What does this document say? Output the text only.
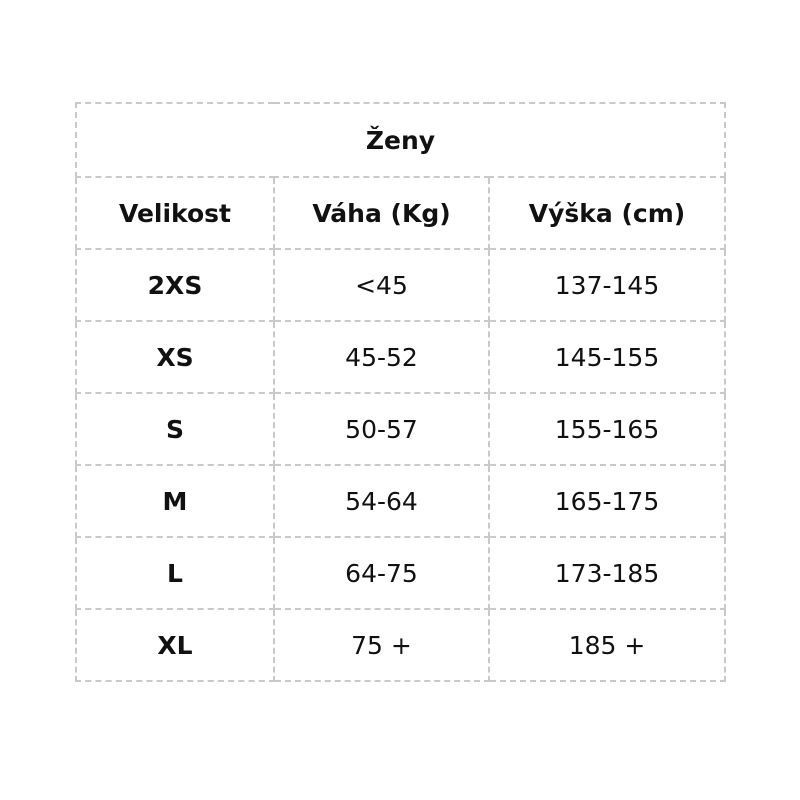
Ženy		
Velikost	Váha (Kg)	Výška (cm)
2XS	<45	137-145
XS	45-52	145-155
S	50-57	155-165
M	54-64	165-175
L	64-75	173-185
XL	75 +	185 +
